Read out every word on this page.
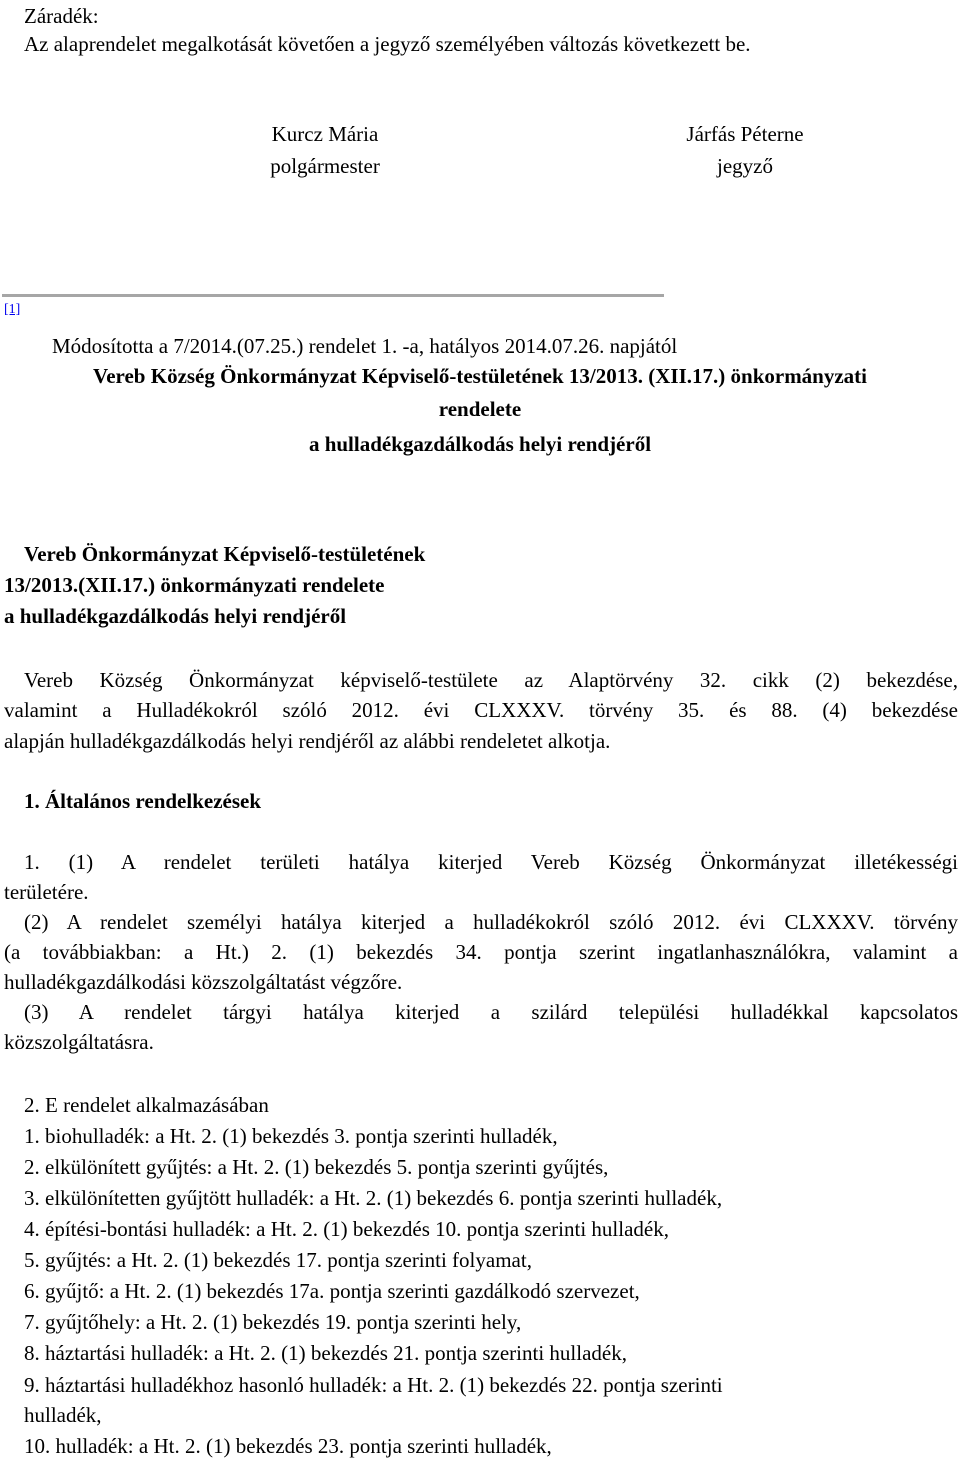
Záradék:
Az alaprendelet megalkotását követően a jegyző személyében változás következett be.
Kurcz Mária
polgármester
Járfás Péterne
jegyző
[1]
Módosította a 7/2014.(07.25.) rendelet 1. -a, hatályos 2014.07.26. napjától
Vereb Község Önkormányzat Képviselő-testületének 13/2013. (XII.17.) önkormányzati
rendelete
a hulladékgazdálkodás helyi rendjéről
Vereb Önkormányzat Képviselő-testületének
13/2013.(XII.17.) önkormányzati rendelete
a hulladékgazdálkodás helyi rendjéről
Vereb Község Önkormányzat képviselő-testülete az Alaptörvény 32. cikk (2) bekezdése,
valamint a Hulladékokról szóló 2012. évi CLXXXV. törvény 35. és 88. (4) bekezdése
alapján hulladékgazdálkodás helyi rendjéről az alábbi rendeletet alkotja.
1. Általános rendelkezések
1. (1) A rendelet területi hatálya kiterjed Vereb Község Önkormányzat illetékességi
területére.
(2) A rendelet személyi hatálya kiterjed a hulladékokról szóló 2012. évi CLXXXV. törvény
(a továbbiakban: a Ht.) 2. (1) bekezdés 34. pontja szerint ingatlanhasználókra, valamint a
hulladékgazdálkodási közszolgáltatást végzőre.
(3) A rendelet tárgyi hatálya kiterjed a szilárd települési hulladékkal kapcsolatos
közszolgáltatásra.
2. E rendelet alkalmazásában
1. biohulladék: a Ht. 2. (1) bekezdés 3. pontja szerinti hulladék,
2. elkülönített gyűjtés: a Ht. 2. (1) bekezdés 5. pontja szerinti gyűjtés,
3. elkülönítetten gyűjtött hulladék: a Ht. 2. (1) bekezdés 6. pontja szerinti hulladék,
4. építési-bontási hulladék: a Ht. 2. (1) bekezdés 10. pontja szerinti hulladék,
5. gyűjtés: a Ht. 2. (1) bekezdés 17. pontja szerinti folyamat,
6. gyűjtő: a Ht. 2. (1) bekezdés 17a. pontja szerinti gazdálkodó szervezet,
7. gyűjtőhely: a Ht. 2. (1) bekezdés 19. pontja szerinti hely,
8. háztartási hulladék: a Ht. 2. (1) bekezdés 21. pontja szerinti hulladék,
9. háztartási hulladékhoz hasonló hulladék: a Ht. 2. (1) bekezdés 22. pontja szerinti
hulladék,
10. hulladék: a Ht. 2. (1) bekezdés 23. pontja szerinti hulladék,
